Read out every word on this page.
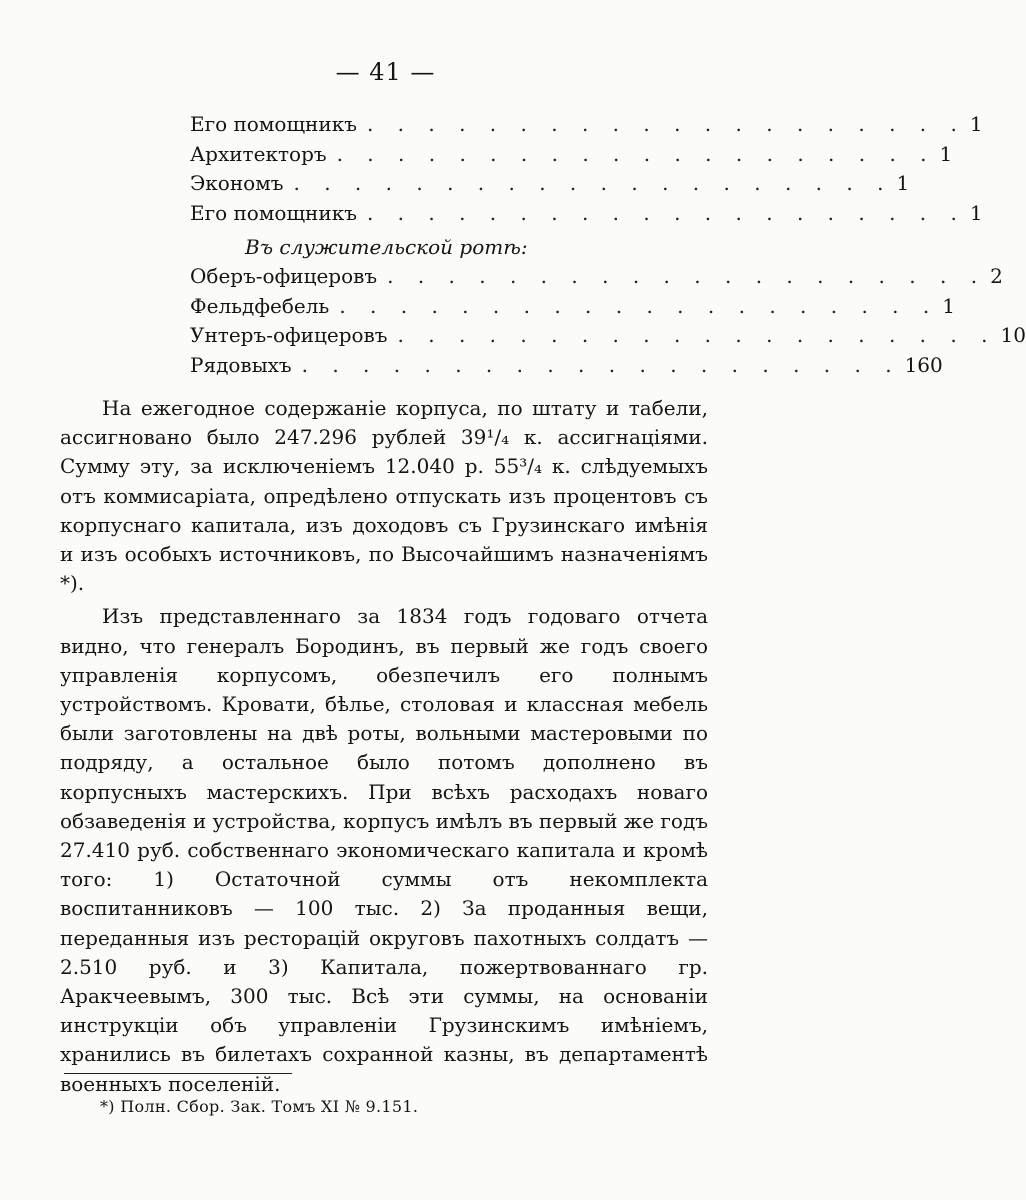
— 41 —
Его помощникъ . . . . . . . . . . . . . . . . . . . . 1
Архитекторъ . . . . . . . . . . . . . . . . . . . . 1
Экономъ . . . . . . . . . . . . . . . . . . . . 1
Его помощникъ . . . . . . . . . . . . . . . . . . . . 1
Въ служительской ротѣ:
Оберъ-офицеровъ . . . . . . . . . . . . . . . . . . . . 2
Фельдфебель . . . . . . . . . . . . . . . . . . . . 1
Унтеръ-офицеровъ . . . . . . . . . . . . . . . . . . . . 10
Рядовыхъ . . . . . . . . . . . . . . . . . . . . 160

На ежегодное содержаніе корпуса, по штату и табели, ассигновано было 247.296 рублей 39¹/₄ к. ассигнаціями. Сумму эту, за исключеніемъ 12.040 р. 55³/₄ к. слѣдуемыхъ отъ коммисаріата, опредѣлено отпускать изъ процентовъ съ корпуснаго капитала, изъ доходовъ съ Грузинскаго имѣнія и изъ особыхъ источниковъ, по Высочайшимъ назначеніямъ *).

Изъ представленнаго за 1834 годъ годоваго отчета видно, что генералъ Бородинъ, въ первый же годъ своего управленія корпусомъ, обезпечилъ его полнымъ устройствомъ. Кровати, бѣлье, столовая и классная мебель были заготовлены на двѣ роты, вольными мастеровыми по подряду, а остальное было потомъ дополнено въ корпусныхъ мастерскихъ. При всѣхъ расходахъ новаго обзаведенія и устройства, корпусъ имѣлъ въ первый же годъ 27.410 руб. собственнаго экономическаго капитала и кромѣ того: 1) Остаточной суммы отъ некомплекта воспитанниковъ — 100 тыс. 2) За проданныя вещи, переданныя изъ ресторацій округовъ пахотныхъ солдатъ — 2.510 руб. и 3) Капитала, пожертвованнаго гр. Аракчеевымъ, 300 тыс. Всѣ эти суммы, на основаніи инструкціи объ управленіи Грузинскимъ имѣніемъ, хранились въ билетахъ сохранной казны, въ департаментѣ военныхъ поселеній.

*) Полн. Сбор. Зак. Томъ XI № 9.151.
